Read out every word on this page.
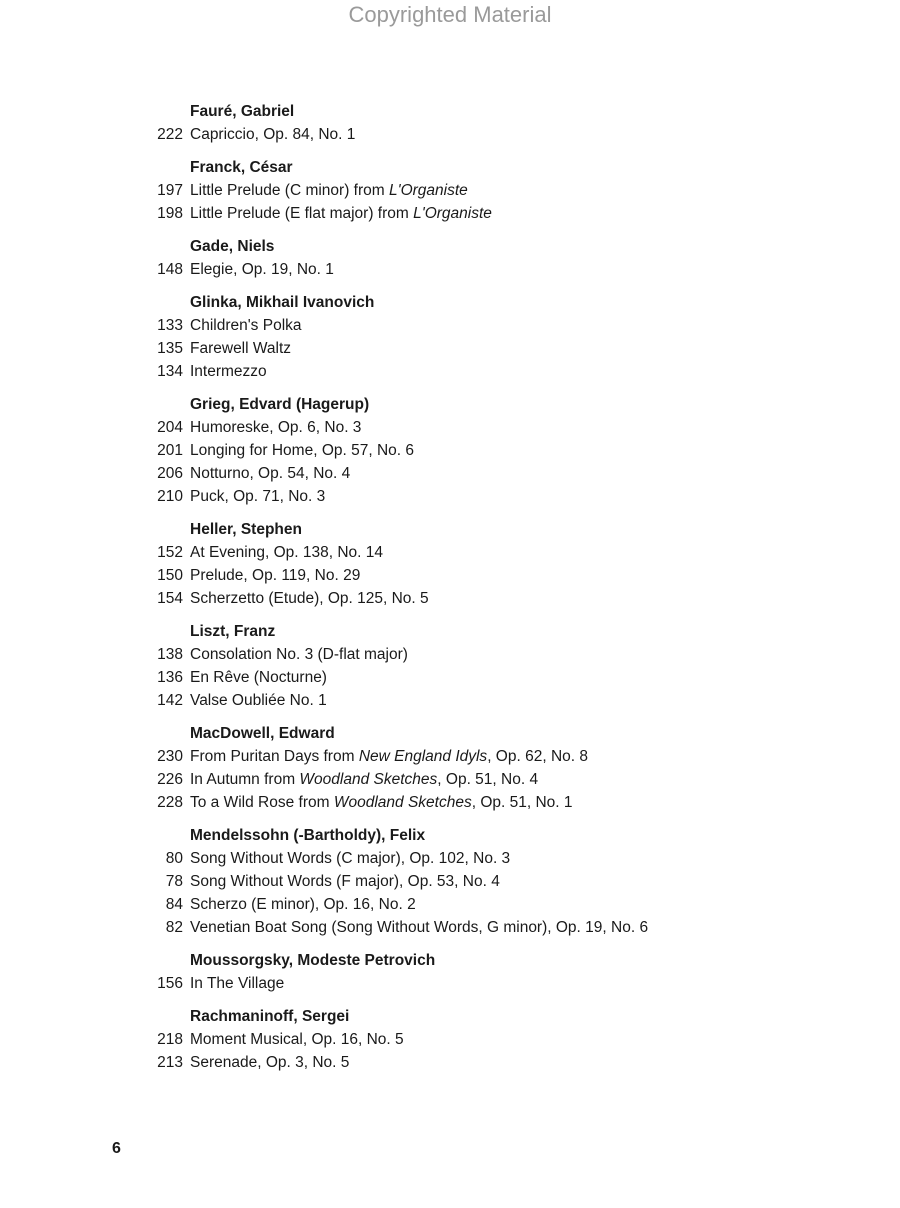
Copyrighted Material
Fauré, Gabriel
222 Capriccio, Op. 84, No. 1
Franck, César
197 Little Prelude (C minor) from L'Organiste
198 Little Prelude (E flat major) from L'Organiste
Gade, Niels
148 Elegie, Op. 19, No. 1
Glinka, Mikhail Ivanovich
133 Children's Polka
135 Farewell Waltz
134 Intermezzo
Grieg, Edvard (Hagerup)
204 Humoreske, Op. 6, No. 3
201 Longing for Home, Op. 57, No. 6
206 Notturno, Op. 54, No. 4
210 Puck, Op. 71, No. 3
Heller, Stephen
152 At Evening, Op. 138, No. 14
150 Prelude, Op. 119, No. 29
154 Scherzetto (Etude), Op. 125, No. 5
Liszt, Franz
138 Consolation No. 3 (D-flat major)
136 En Rêve (Nocturne)
142 Valse Oubliée No. 1
MacDowell, Edward
230 From Puritan Days from New England Idyls, Op. 62, No. 8
226 In Autumn from Woodland Sketches, Op. 51, No. 4
228 To a Wild Rose from Woodland Sketches, Op. 51, No. 1
Mendelssohn (-Bartholdy), Felix
80 Song Without Words (C major), Op. 102, No. 3
78 Song Without Words (F major), Op. 53, No. 4
84 Scherzo (E minor), Op. 16, No. 2
82 Venetian Boat Song (Song Without Words, G minor), Op. 19, No. 6
Moussorgsky, Modeste Petrovich
156 In The Village
Rachmaninoff, Sergei
218 Moment Musical, Op. 16, No. 5
213 Serenade, Op. 3, No. 5
6
